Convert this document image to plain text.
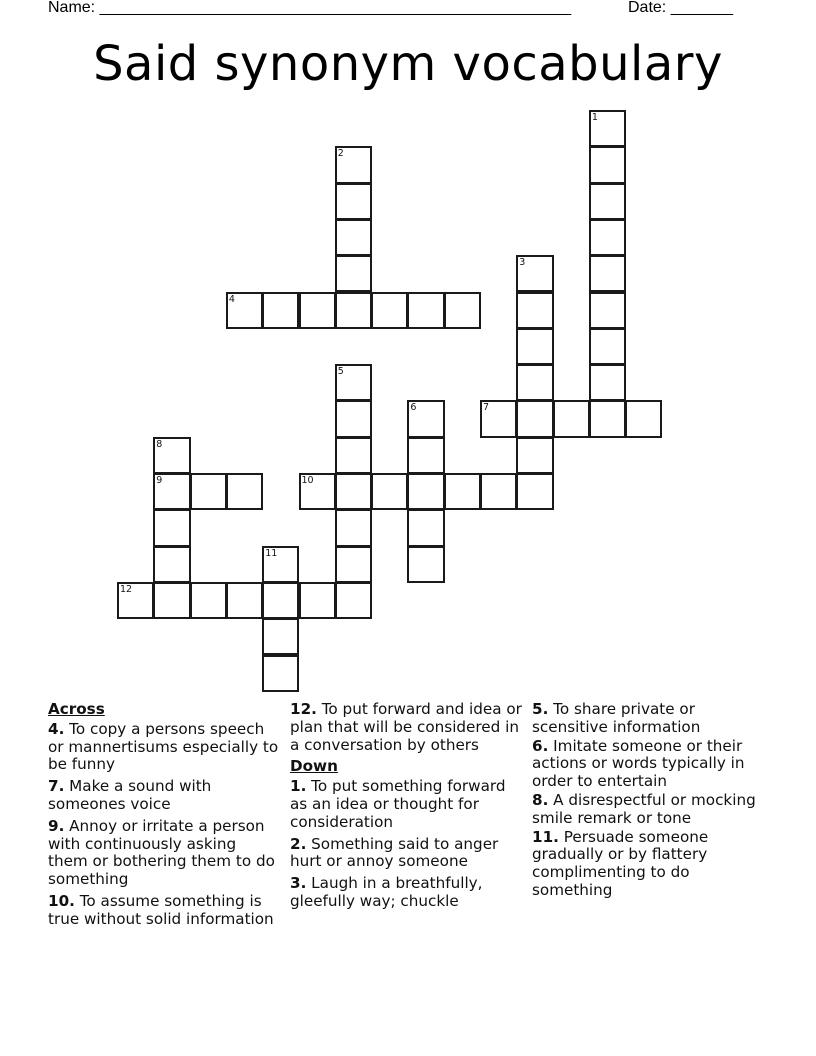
Name: _____________________________________________________	Date: _______
Said synonym vocabulary
1
2
3
4
5
6	7
8
9	10
11
12
Across
4. To copy a persons speech or mannertisums especially to be funny
7. Make a sound with someones voice
9. Annoy or irritate a person with continuously asking them or bothering them to do something
10. To assume something is true without solid information
12. To put forward and idea or plan that will be considered in a conversation by others
Down
1. To put something forward as an idea or thought for consideration
2. Something said to anger hurt or annoy someone
3. Laugh in a breathfully, gleefully way; chuckle
5. To share private or scensitive information
6. Imitate someone or their actions or words typically in order to entertain
8. A disrespectful or mocking smile remark or tone
11. Persuade someone gradually or by flattery complimenting to do something
